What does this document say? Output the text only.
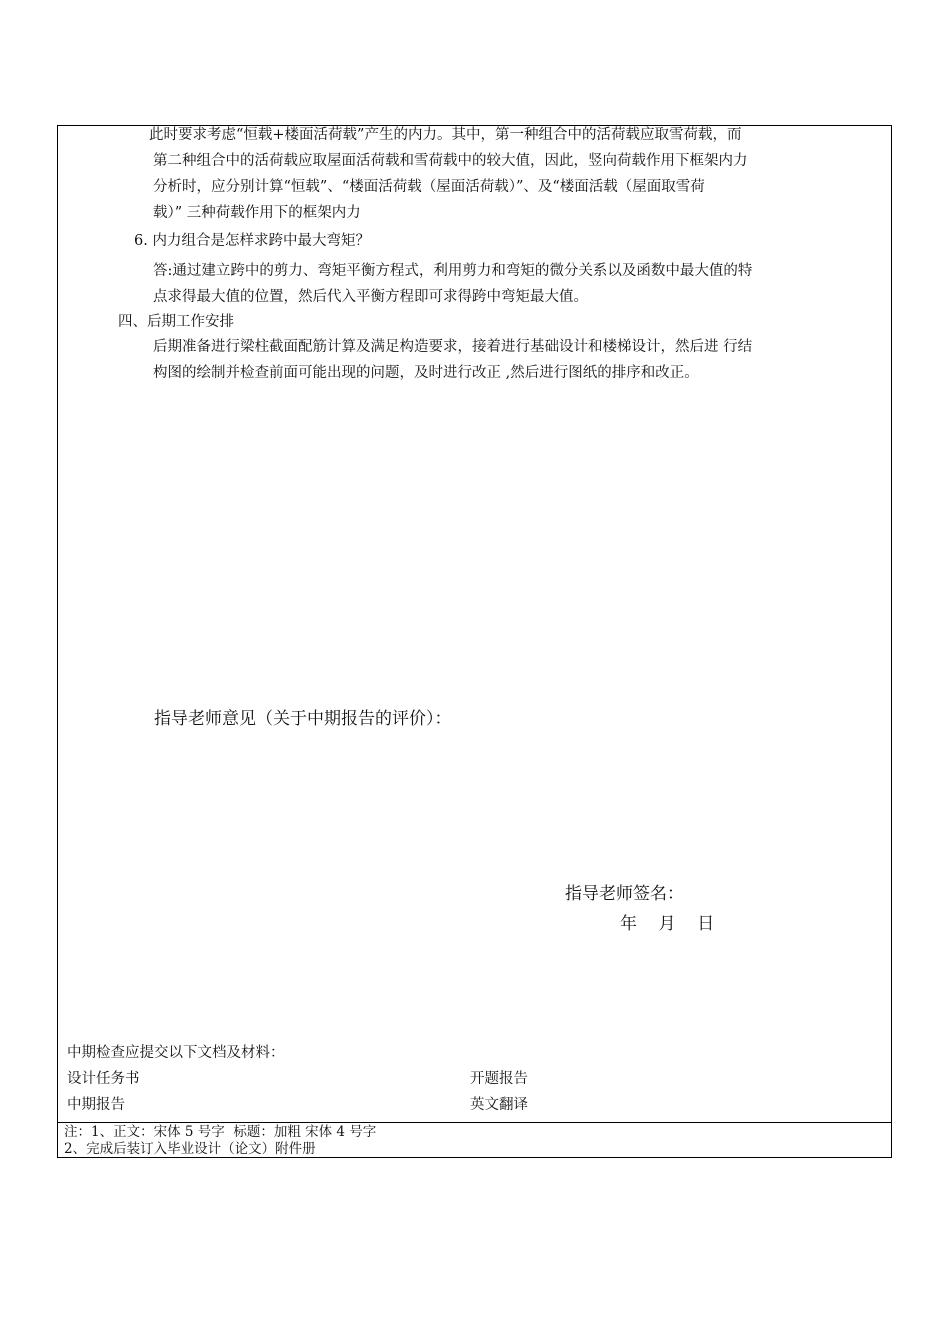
此时要求考虑“恒载+楼面活荷载”产生的内力。其中，第一种组合中的活荷载应取雪荷载，而
第二种组合中的活荷载应取屋面活荷载和雪荷载中的较大值，因此，竖向荷载作用下框架内力
分析时，应分别计算“恒载”、“楼面活荷载（屋面活荷载）”、及“楼面活载（屋面取雪荷
载）” 三种荷载作用下的框架内力
6. 内力组合是怎样求跨中最大弯矩？
答:通过建立跨中的剪力、弯矩平衡方程式，利用剪力和弯矩的微分关系以及函数中最大值的特
点求得最大值的位置，然后代入平衡方程即可求得跨中弯矩最大值。
四、后期工作安排
后期准备进行梁柱截面配筋计算及满足构造要求，接着进行基础设计和楼梯设计，然后进 行结
构图的绘制并检查前面可能出现的问题，及时进行改正 ,然后进行图纸的排序和改正。
指导老师意见（关于中期报告的评价）：
指导老师签名：
年    月    日
中期检查应提交以下文档及材料：
设计任务书	开题报告
中期报告	英文翻译
注：1、正文：宋体 5 号字  标题：加粗 宋体 4 号字
2、完成后装订入毕业设计（论文）附件册
